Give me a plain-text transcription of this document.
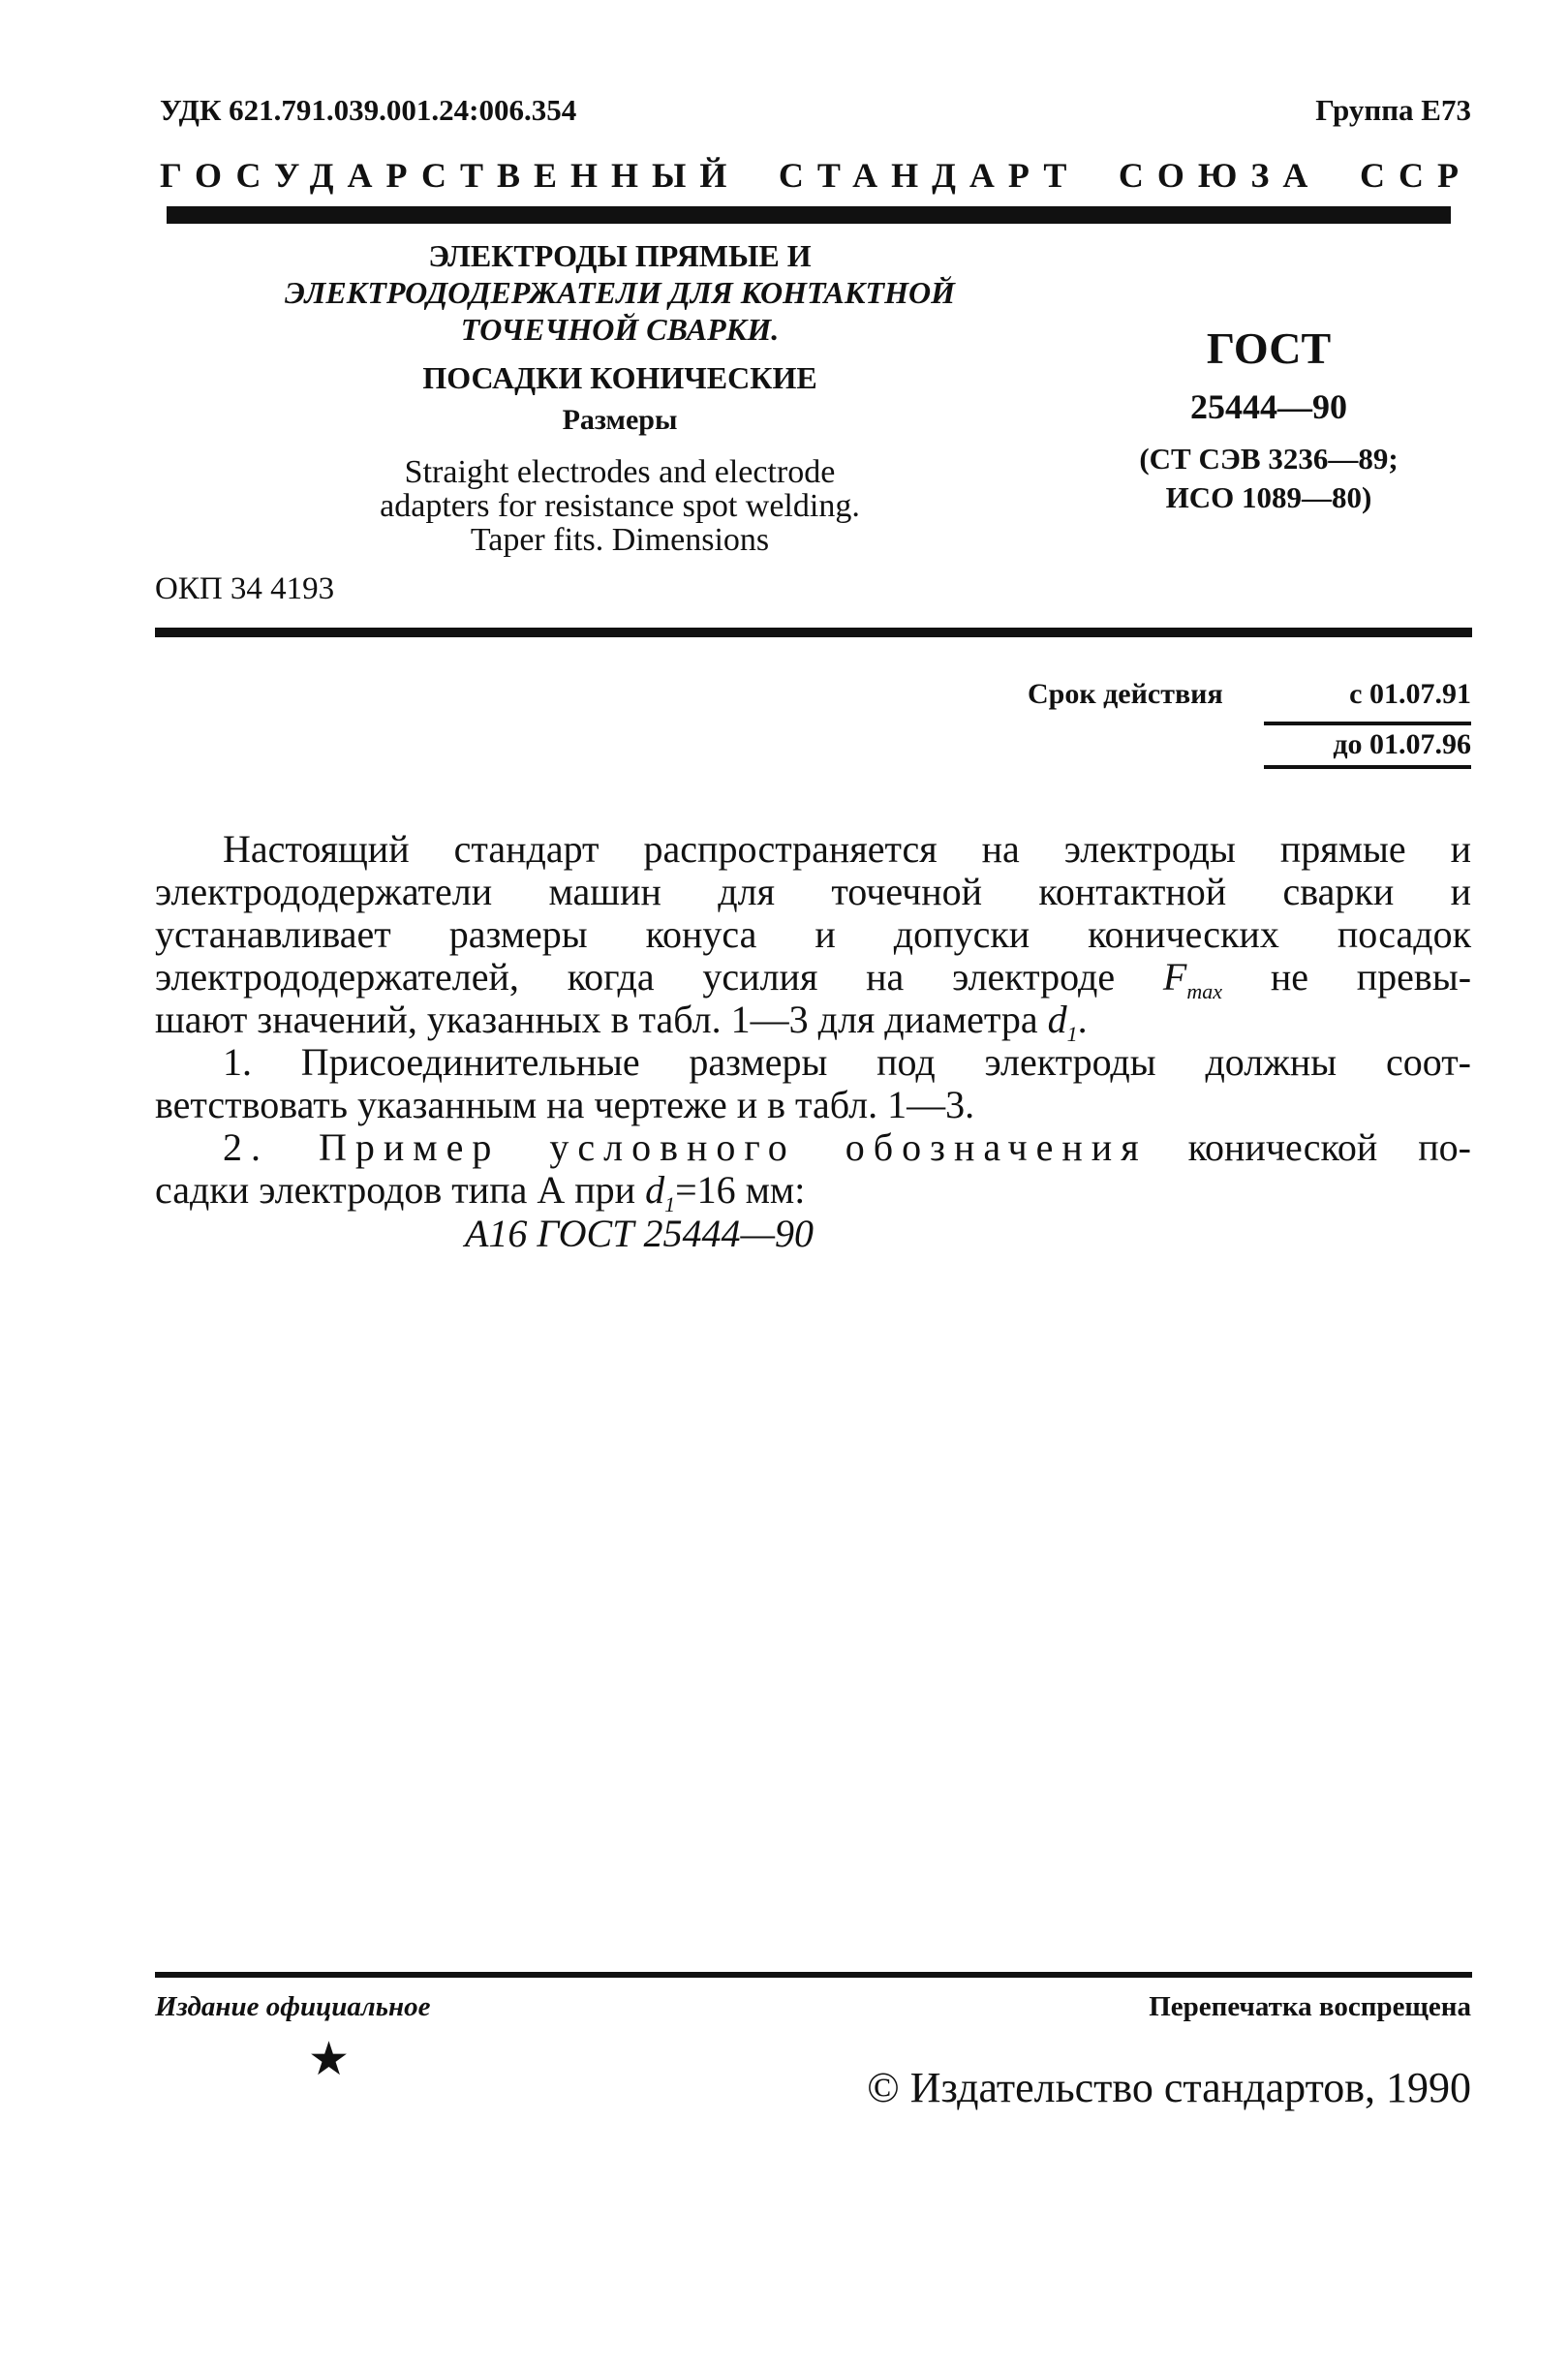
УДК 621.791.039.001.24:006.354	Группа Е73
ГОСУДАРСТВЕННЫЙ СТАНДАРТ СОЮЗА ССР
ЭЛЕКТРОДЫ ПРЯМЫЕ И
ЭЛЕКТРОДОДЕРЖАТЕЛИ ДЛЯ КОНТАКТНОЙ
ТОЧЕЧНОЙ СВАРКИ.
ПОСАДКИ КОНИЧЕСКИЕ
Размеры
Straight electrodes and electrode
adapters for resistance spot welding.
Taper fits. Dimensions
ОКП 34 4193
ГОСТ
25444—90
(СТ СЭВ 3236—89;
ИСО 1089—80)
Срок действия	с 01.07.91
до 01.07.96
Настоящий стандарт распространяется на электроды прямые и
электрододержатели машин для точечной контактной сварки и
устанавливает размеры конуса и допуски конических посадок
электрододержателей, когда усилия на электроде $F_{max}$ не превы-
шают значений, указанных в табл. 1—3 для диаметра $d_1$.
1. Присоединительные размеры под электроды должны соот-
ветствовать указанным на чертеже и в табл. 1—3.
2. Пример условного обозначения конической по-
садки электродов типа А при $d_1=16$ мм:
А16 ГОСТ 25444—90
Издание официальное	Перепечатка воспрещена
★
© Издательство стандартов, 1990
